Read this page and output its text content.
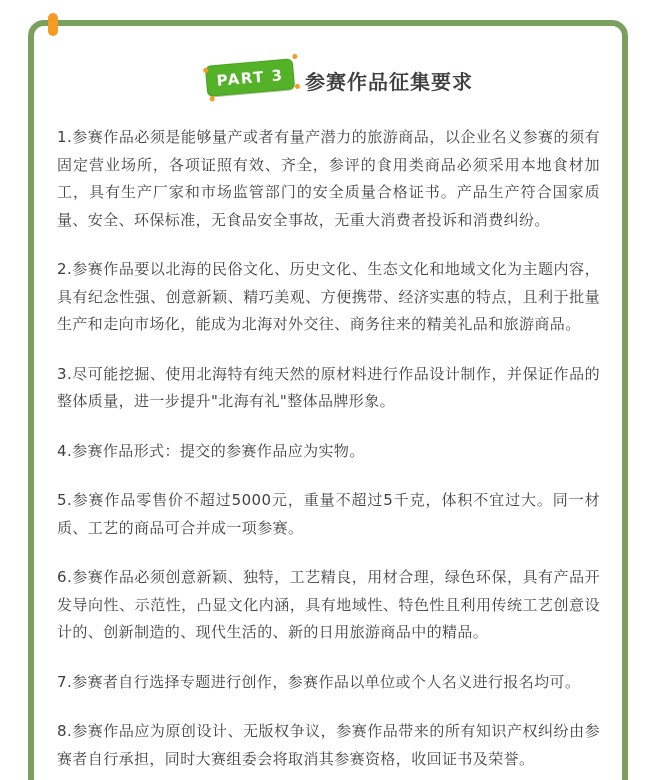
PART 3 参赛作品征集要求

1.参赛作品必须是能够量产或者有量产潜力的旅游商品，以企业名义参赛的须有固定营业场所，各项证照有效、齐全，参评的食用类商品必须采用本地食材加工，具有生产厂家和市场监管部门的安全质量合格证书。产品生产符合国家质量、安全、环保标准，无食品安全事故，无重大消费者投诉和消费纠纷。

2.参赛作品要以北海的民俗文化、历史文化、生态文化和地域文化为主题内容，具有纪念性强、创意新颖、精巧美观、方便携带、经济实惠的特点，且利于批量生产和走向市场化，能成为北海对外交往、商务往来的精美礼品和旅游商品。

3.尽可能挖掘、使用北海特有纯天然的原材料进行作品设计制作，并保证作品的整体质量，进一步提升"北海有礼"整体品牌形象。

4.参赛作品形式：提交的参赛作品应为实物。

5.参赛作品零售价不超过5000元，重量不超过5千克，体积不宜过大。同一材质、工艺的商品可合并成一项参赛。

6.参赛作品必须创意新颖、独特，工艺精良，用材合理，绿色环保，具有产品开发导向性、示范性，凸显文化内涵，具有地域性、特色性且利用传统工艺创意设计的、创新制造的、现代生活的、新的日用旅游商品中的精品。

7.参赛者自行选择专题进行创作，参赛作品以单位或个人名义进行报名均可。

8.参赛作品应为原创设计、无版权争议，参赛作品带来的所有知识产权纠纷由参赛者自行承担，同时大赛组委会将取消其参赛资格，收回证书及荣誉。
